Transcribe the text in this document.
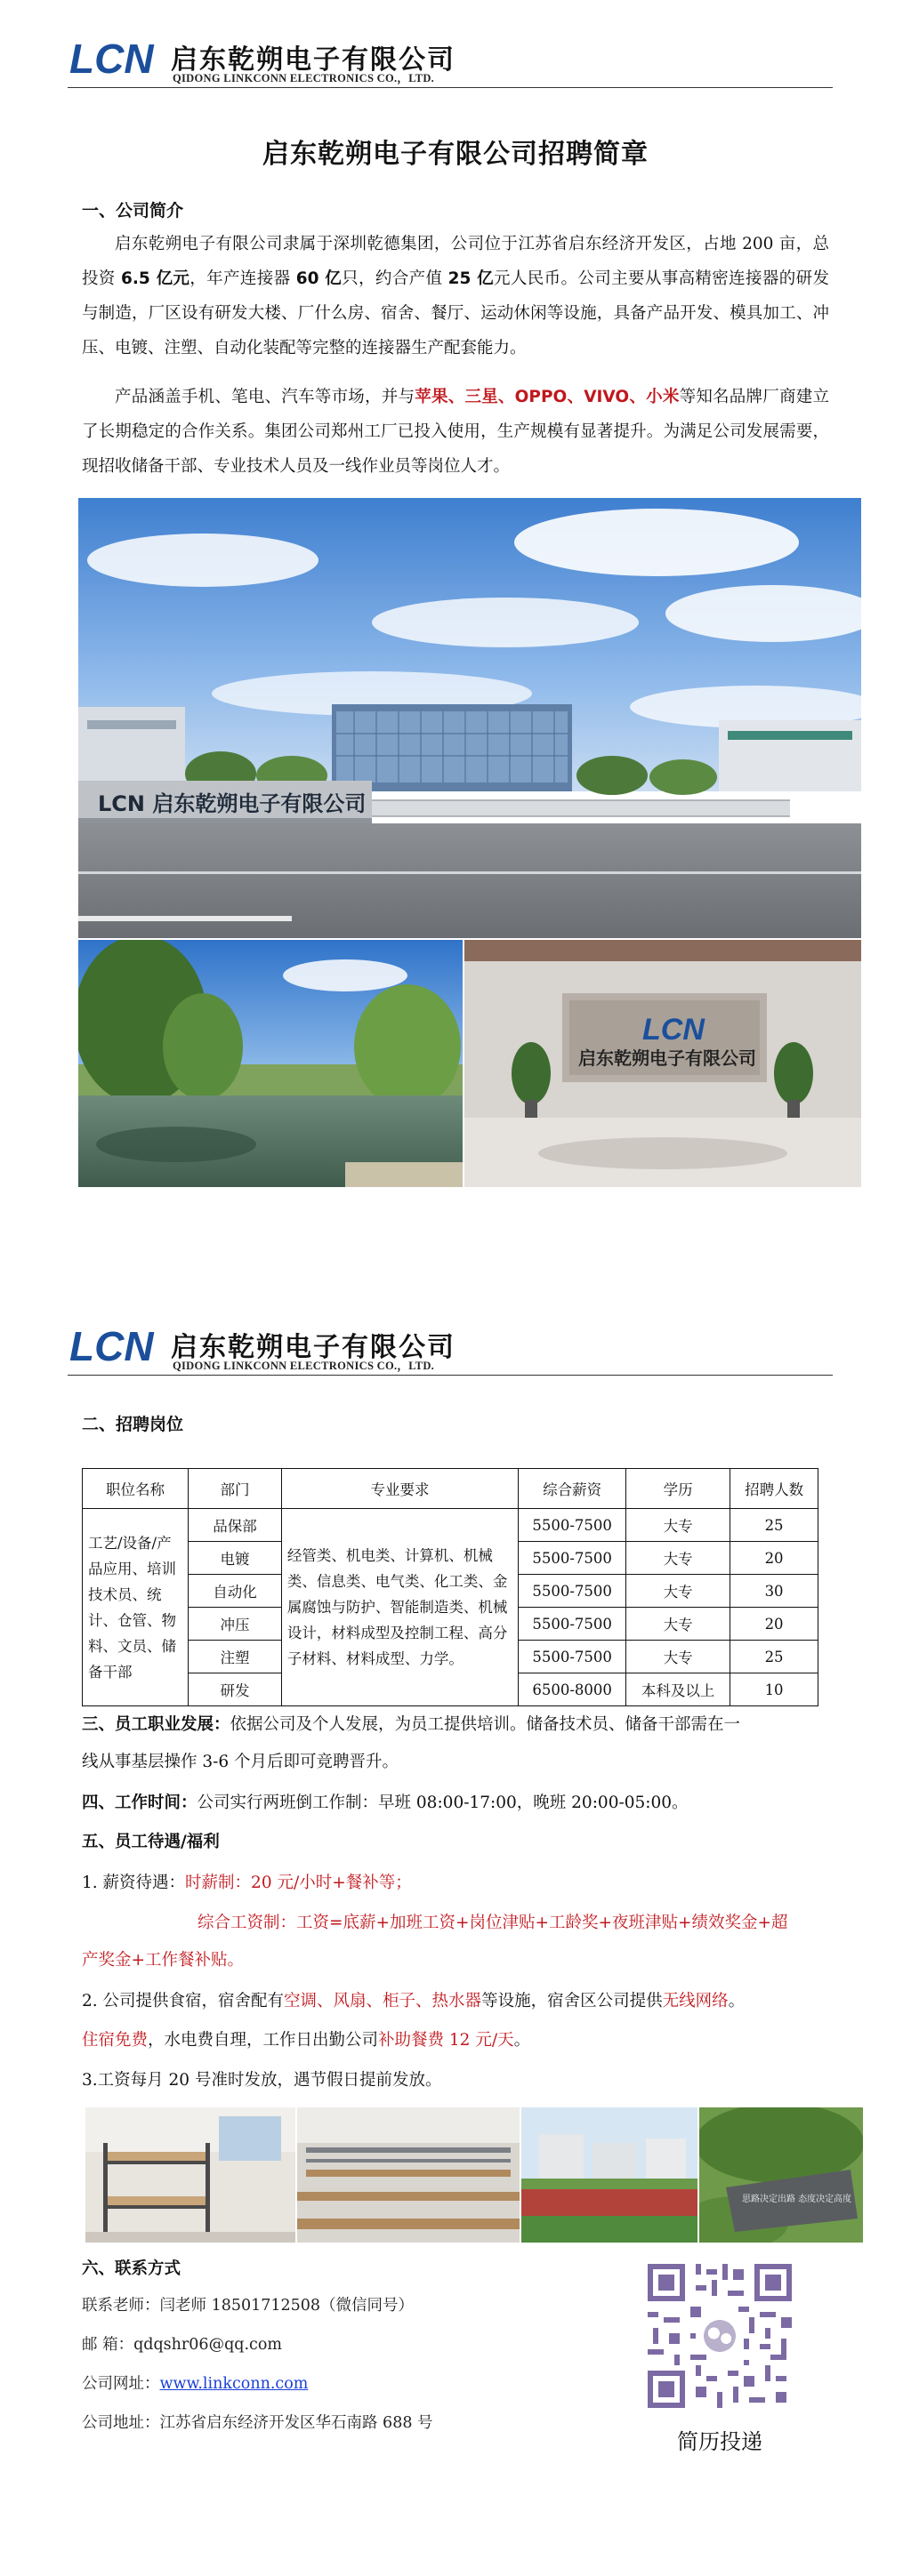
LCN 启东乾朔电子有限公司
QIDONG LINKCONN ELECTRONICS CO.，LTD.
启东乾朔电子有限公司招聘简章
一、公司简介
启东乾朔电子有限公司隶属于深圳乾德集团，公司位于江苏省启东经济开发区，占地 200 亩，总投资 6.5 亿元，年产连接器 60 亿只，约合产值 25 亿元人民币。公司主要从事高精密连接器的研发与制造，厂区设有研发大楼、厂什么房、宿舍、餐厅、运动休闲等设施，具备产品开发、模具加工、冲压、电镀、注塑、自动化装配等完整的连接器生产配套能力。
产品涵盖手机、笔电、汽车等市场，并与苹果、三星、OPPO、VIVO、小米等知名品牌厂商建立了长期稳定的合作关系。集团公司郑州工厂已投入使用，生产规模有显著提升。为满足公司发展需要，现招收储备干部、专业技术人员及一线作业员等岗位人才。
LCN 启东乾朔电子有限公司
LCN
启东乾朔电子有限公司
LCN 启东乾朔电子有限公司
QIDONG LINKCONN ELECTRONICS CO.，LTD.
二、招聘岗位
职位名称	部门	专业要求	综合薪资	学历	招聘人数
工艺/设备/产品应用、培训技术员、统计、仓管、物料、文员、储备干部	品保部	经管类、机电类、计算机、机械类、信息类、电气类、化工类、金属腐蚀与防护、智能制造类、机械设计，材料成型及控制工程、高分子材料、材料成型、力学。	5500-7500	大专	25
	电镀		5500-7500	大专	20
	自动化		5500-7500	大专	30
	冲压		5500-7500	大专	20
	注塑		5500-7500	大专	25
	研发		6500-8000	本科及以上	10
三、员工职业发展：依据公司及个人发展，为员工提供培训。储备技术员、储备干部需在一
线从事基层操作 3-6 个月后即可竞聘晋升。
四、工作时间：公司实行两班倒工作制：早班 08:00-17:00，晚班 20:00-05:00。
五、员工待遇/福利
1. 薪资待遇：时薪制：20 元/小时+餐补等；
综合工资制：工资=底薪+加班工资+岗位津贴+工龄奖+夜班津贴+绩效奖金+超
产奖金+工作餐补贴。
2. 公司提供食宿，宿舍配有空调、风扇、柜子、热水器等设施，宿舍区公司提供无线网络。
住宿免费，水电费自理，工作日出勤公司补助餐费 12 元/天。
3.工资每月 20 号准时发放，遇节假日提前发放。
思路决定出路 态度决定高度
六、联系方式
联系老师：闫老师 18501712508（微信同号）
邮 箱：qdqshr06@qq.com
公司网址：www.linkconn.com
公司地址：江苏省启东经济开发区华石南路 688 号
简历投递
